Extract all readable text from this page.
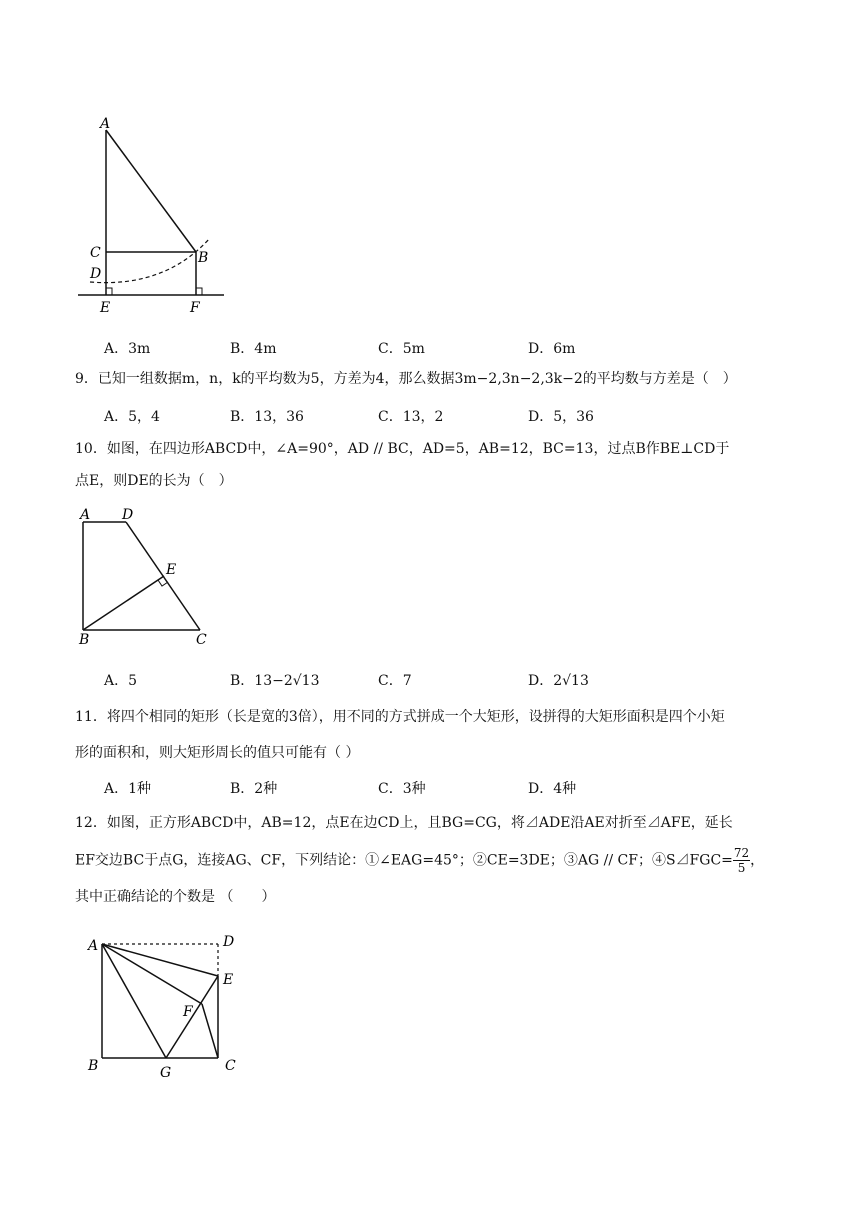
A
C
D
B
E	F
A．3m	B．4m	C．5m	D．6m
9．已知一组数据m，n，k的平均数为5，方差为4，那么数据3m−2,3n−2,3k−2的平均数与方差是（　）
A．5，4	B．13，36	C．13，2	D．5，36
10．如图，在四边形ABCD中，∠A=90°，AD // BC，AD=5，AB=12，BC=13，过点B作BE⊥CD于
点E，则DE的长为（　）
A D
E
B	C
A．5	B．13−2√13	C．7	D．2√13
11．将四个相同的矩形（长是宽的3倍），用不同的方式拼成一个大矩形，设拼得的大矩形面积是四个小矩
形的面积和，则大矩形周长的值只可能有（ ）
A．1种	B．2种	C．3种	D．4种
12．如图，正方形ABCD中，AB=12，点E在边CD上，且BG=CG，将⊿ADE沿AE对折至⊿AFE，延长
EF交边BC于点G，连接AG、CF，下列结论：①∠EAG=45°；②CE=3DE；③AG // CF；④S⊿FGC= $\frac{72}{5}$ ，
其中正确结论的个数是 （　　）
A	D
E
F
B	G	C
